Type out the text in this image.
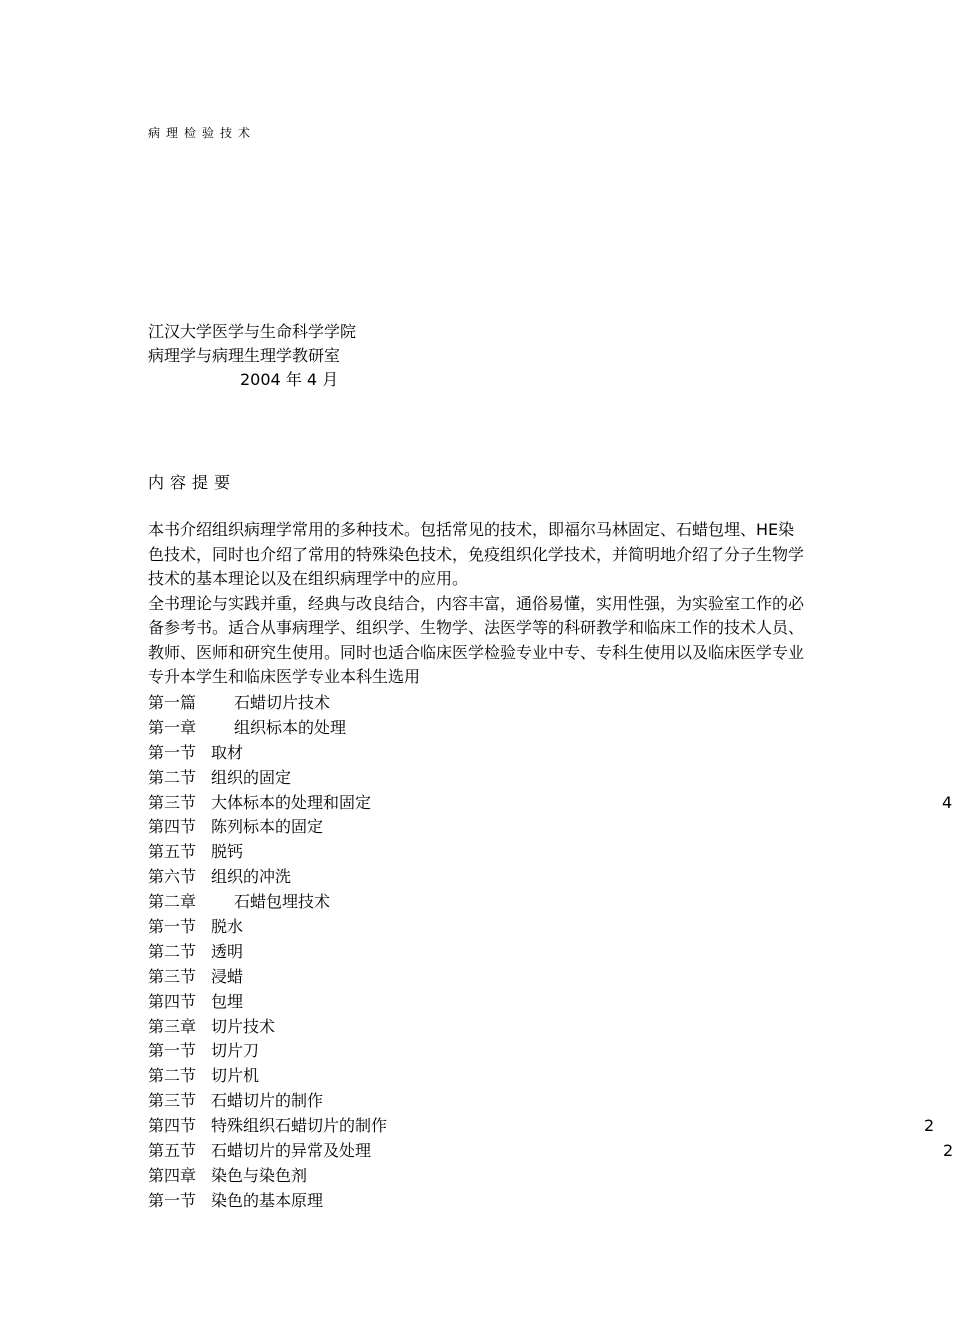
病理检验技术
江汉大学医学与生命科学学院
病理学与病理生理学教研室
2004 年 4 月
内容提要

本书介绍组织病理学常用的多种技术。包括常见的技术，即福尔马林固定、石蜡包埋、HE染色技术，同时也介绍了常用的特殊染色技术，免疫组织化学技术，并简明地介绍了分子生物学技术的基本理论以及在组织病理学中的应用。

全书理论与实践并重，经典与改良结合，内容丰富，通俗易懂，实用性强，为实验室工作的必备参考书。适合从事病理学、组织学、生物学、法医学等的科研教学和临床工作的技术人员、教师、医师和研究生使用。同时也适合临床医学检验专业中专、专科生使用以及临床医学专业专升本学生和临床医学专业本科生选用

第一篇 石蜡切片技术
第一章 组织标本的处理
第一节 取材
第二节 组织的固定
第三节 大体标本的处理和固定	4
第四节 陈列标本的固定
第五节 脱钙
第六节 组织的冲洗
第二章 石蜡包埋技术
第一节 脱水
第二节 透明
第三节 浸蜡
第四节 包埋
第三章 切片技术
第一节 切片刀
第二节 切片机
第三节 石蜡切片的制作
第四节 特殊组织石蜡切片的制作	2
第五节 石蜡切片的异常及处理	2
第四章 染色与染色剂
第一节 染色的基本原理
